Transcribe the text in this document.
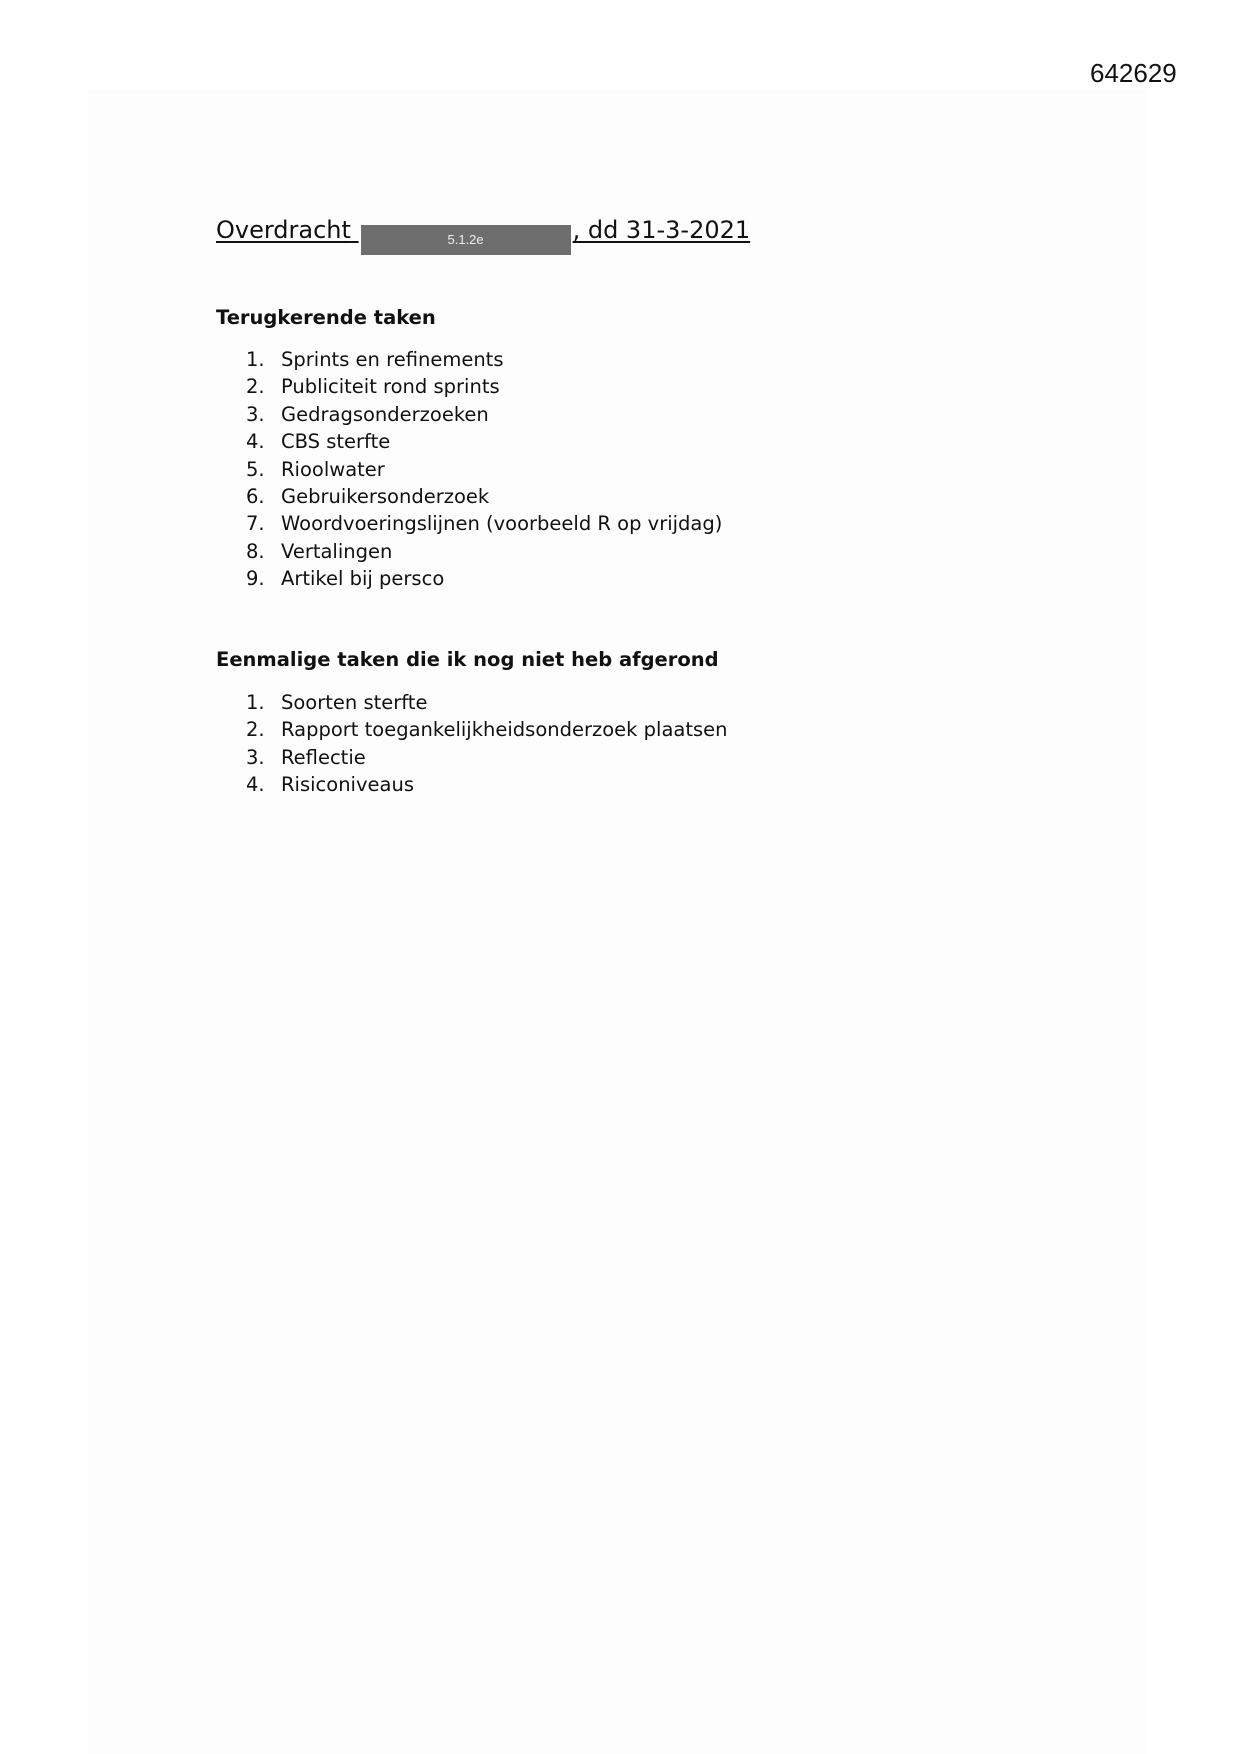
642629
Overdracht	5.1.2e	, dd 31-3-2021
Terugkerende taken
1. Sprints en refinements
2. Publiciteit rond sprints
3. Gedragsonderzoeken
4. CBS sterfte
5. Rioolwater
6. Gebruikersonderzoek
7. Woordvoeringslijnen (voorbeeld R op vrijdag)
8. Vertalingen
9. Artikel bij persco
Eenmalige taken die ik nog niet heb afgerond
1. Soorten sterfte
2. Rapport toegankelijkheidsonderzoek plaatsen
3. Reflectie
4. Risiconiveaus
